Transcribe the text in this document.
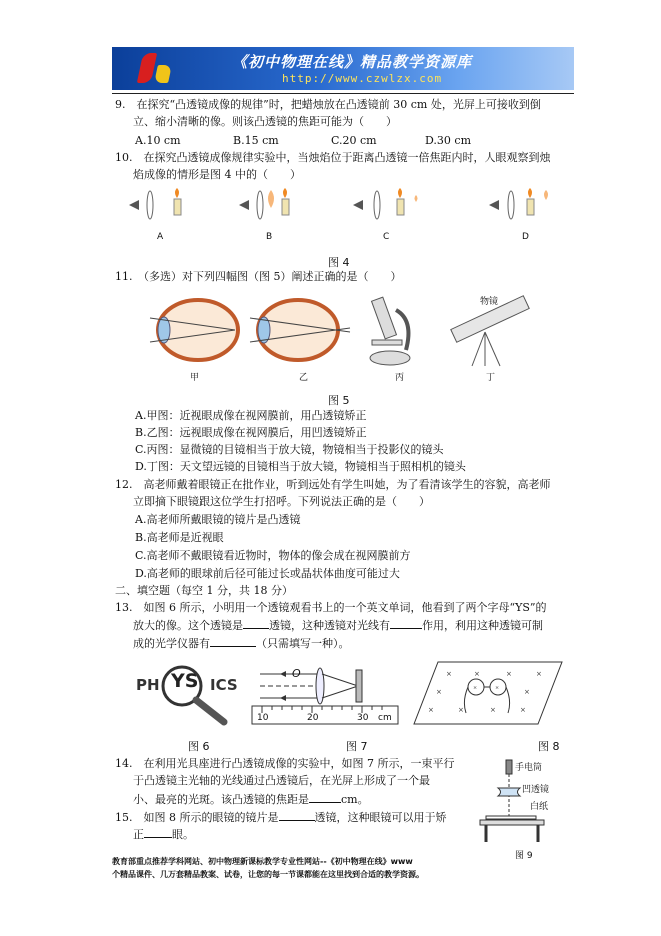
《初中物理在线》精品教学资源库
http://www.czwlzx.com
9.　在探究“凸透镜成像的规律”时，把蜡烛放在凸透镜前 30 cm 处，光屏上可接收到倒
立、缩小清晰的像。则该凸透镜的焦距可能为（　　）
A.10 cm	B.15 cm	C.20 cm	D.30 cm
10.　在探究凸透镜成像规律实验中，当烛焰位于距离凸透镜一倍焦距内时，人眼观察到烛
焰成像的情形是图 4 中的（　　）
A	B	C	D
图 4
11.　（多选）对下列四幅图（图 5）阐述正确的是（　　）
物镜
甲	乙	丙	丁
图 5
A.甲图：近视眼成像在视网膜前，用凸透镜矫正
B.乙图：远视眼成像在视网膜后，用凹透镜矫正
C.丙图：显微镜的目镜相当于放大镜，物镜相当于投影仪的镜头
D.丁图：天文望远镜的目镜相当于放大镜，物镜相当于照相机的镜头
12.　高老师戴着眼镜正在批作业，听到远处有学生叫她，为了看清该学生的容貌，高老师
立即摘下眼镜跟这位学生打招呼。下列说法正确的是（　　）
A.高老师所戴眼镜的镜片是凸透镜
B.高老师是近视眼
C.高老师不戴眼镜看近物时，物体的像会成在视网膜前方
D.高老师的眼球前后径可能过长或晶状体曲度可能过大
二、填空题（每空 1 分，共 18 分）
13.　如图 6 所示，小明用一个透镜观看书上的一个英文单词，他看到了两个字母“YS”的
放大的像。这个透镜是 透镜，这种透镜对光线有	作用，利用这种透镜可制
成的光学仪器有	（只需填写一种）。
PH YS ICS
图 6
O
10	20	30 cm
图 7
×	×	×	×
×	×
×	×	×	×
×	×
图 8
14.　在利用光具座进行凸透镜成像的实验中，如图 7 所示，一束平行
于凸透镜主光轴的光线通过凸透镜后，在光屏上形成了一个最
小、最亮的光斑。该凸透镜的焦距是	cm。
15.　如图 8 所示的眼镜的镜片是	透镜，这种眼镜可以用于矫
正	眼。
手电筒
凹透镜
白纸
图 9
教育部重点推荐学科网站、初中物理新课标教学专业性网站--《初中物理在线》www
个精品课件、几万套精品教案、试卷，让您的每一节课都能在这里找到合适的教学资源。
